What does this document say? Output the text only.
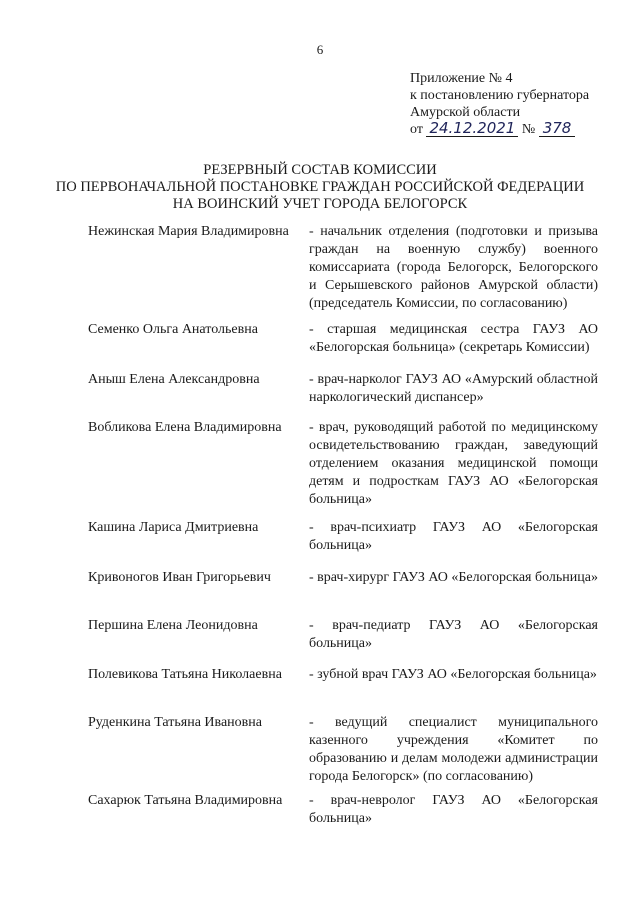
6
Приложение № 4
к постановлению губернатора
Амурской области
от 24.12.2021 № 378
РЕЗЕРВНЫЙ СОСТАВ КОМИССИИ
ПО ПЕРВОНАЧАЛЬНОЙ ПОСТАНОВКЕ ГРАЖДАН РОССИЙСКОЙ ФЕДЕРАЦИИ
НА ВОИНСКИЙ УЧЕТ ГОРОДА БЕЛОГОРСК
Нежинская Мария Владимировна	- начальник отделения (подготовки и призыва граждан на военную службу) военного комиссариата (города Белогорск, Белогорского и Серышевского районов Амурской области) (председатель Комиссии, по согласованию)
Семенко Ольга Анатольевна	- старшая медицинская сестра ГАУЗ АО «Белогорская больница» (секретарь Комиссии)
Аныш Елена Александровна	- врач-нарколог ГАУЗ АО «Амурский областной наркологический диспансер»
Вобликова Елена Владимировна	- врач, руководящий работой по медицинскому освидетельствованию граждан, заведующий отделением оказания медицинской помощи детям и подросткам ГАУЗ АО «Белогорская больница»
Кашина Лариса Дмитриевна	- врач-психиатр ГАУЗ АО «Белогорская больница»
Кривоногов Иван Григорьевич	- врач-хирург ГАУЗ АО «Белогорская больница»
Першина Елена Леонидовна	- врач-педиатр ГАУЗ АО «Белогорская больница»
Полевикова Татьяна Николаевна	- зубной врач ГАУЗ АО «Белогорская больница»
Руденкина Татьяна Ивановна	- ведущий специалист муниципального казенного учреждения «Комитет по образованию и делам молодежи администрации города Белогорск» (по согласованию)
Сахарюк Татьяна Владимировна	- врач-невролог ГАУЗ АО «Белогорская больница»
